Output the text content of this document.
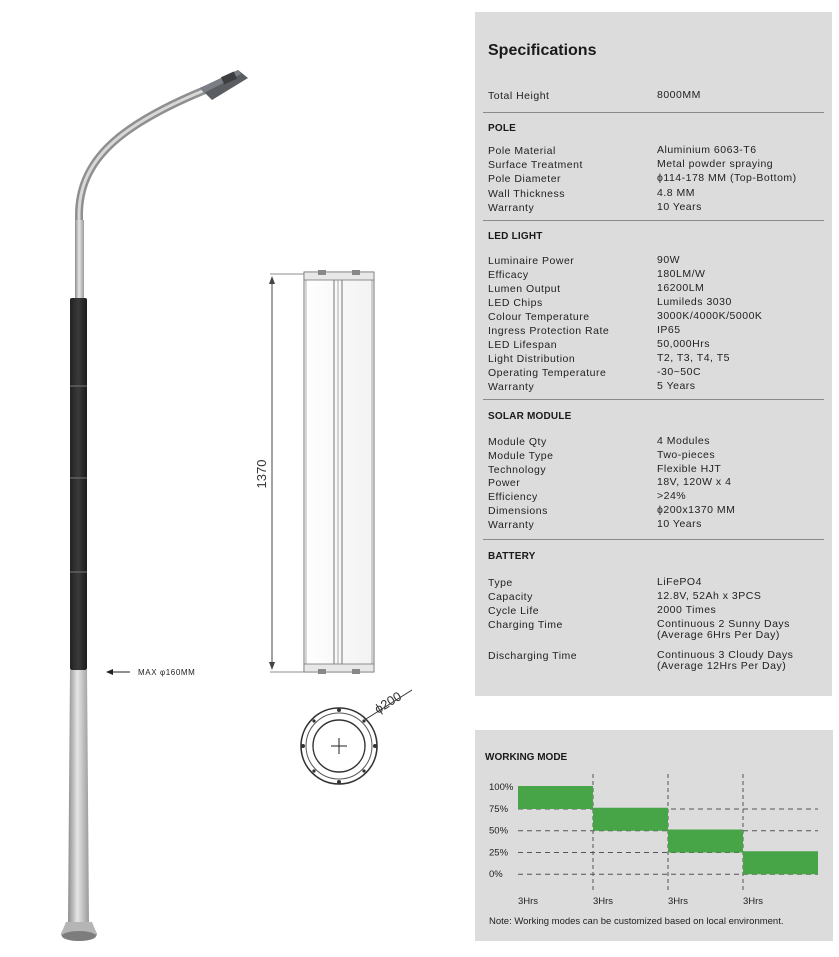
MAX φ160MM
1370
ϕ200
Specifications
Total Height	8000MM
POLE
Pole Material	Aluminium 6063-T6
Surface Treatment	Metal powder spraying
Pole Diameter	ϕ114-178 MM (Top-Bottom)
Wall Thickness	4.8 MM
Warranty	10 Years
LED LIGHT
Luminaire Power	90W
Efficacy	180LM/W
Lumen Output	16200LM
LED Chips	Lumileds 3030
Colour Temperature	3000K/4000K/5000K
Ingress Protection Rate	IP65
LED Lifespan	50,000Hrs
Light Distribution	T2, T3, T4, T5
Operating Temperature	-30~50C
Warranty	5 Years
SOLAR MODULE
Module Qty	4 Modules
Module Type	Two-pieces
Technology	Flexible HJT
Power	18V, 120W x 4
Efficiency	>24%
Dimensions	ϕ200x1370 MM
Warranty	10 Years
BATTERY
Type	LiFePO4
Capacity	12.8V, 52Ah x 3PCS
Cycle Life	2000 Times
Charging Time	Continuous 2 Sunny Days
(Average 6Hrs Per Day)
Discharging Time	Continuous 3 Cloudy Days
(Average 12Hrs Per Day)
WORKING MODE
100%
75%
50%
25%
0%
3Hrs	3Hrs	3Hrs	3Hrs
Note: Working modes can be customized based on local environment.
